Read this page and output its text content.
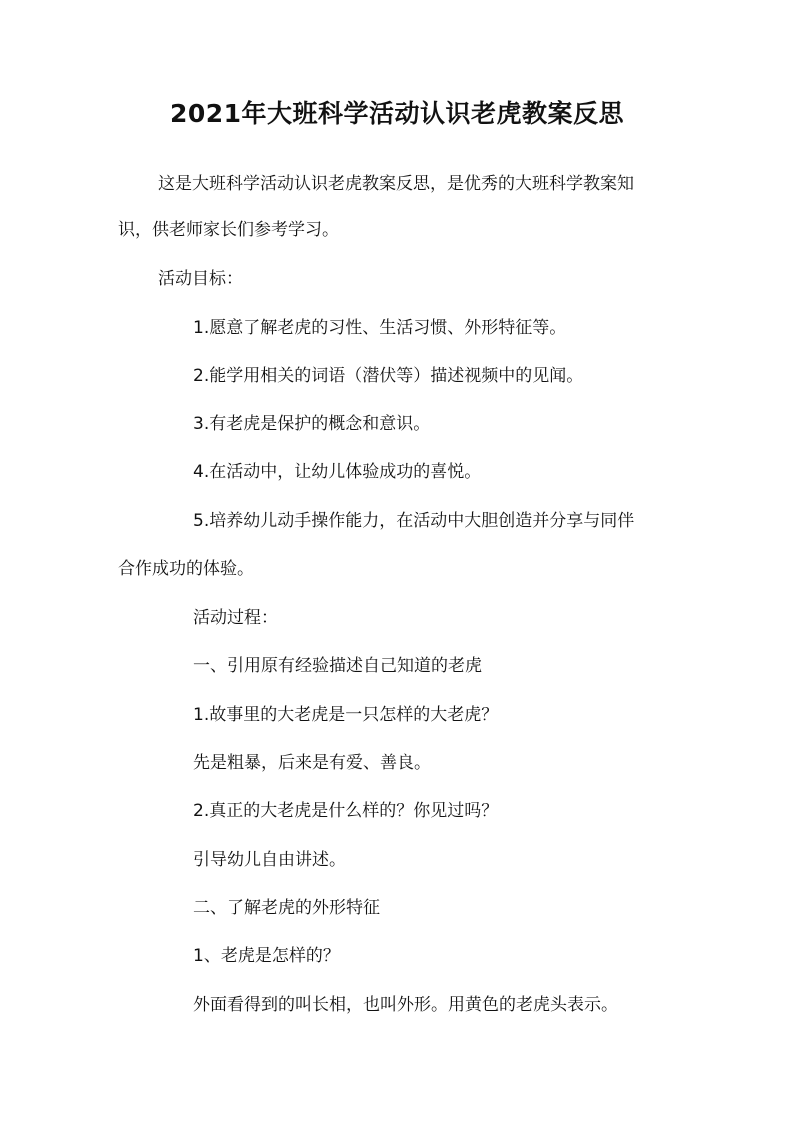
2021年大班科学活动认识老虎教案反思
这是大班科学活动认识老虎教案反思，是优秀的大班科学教案知
识，供老师家长们参考学习。
活动目标：
1.愿意了解老虎的习性、生活习惯、外形特征等。
2.能学用相关的词语（潜伏等）描述视频中的见闻。
3.有老虎是保护的概念和意识。
4.在活动中，让幼儿体验成功的喜悦。
5.培养幼儿动手操作能力，在活动中大胆创造并分享与同伴
合作成功的体验。
活动过程：
一、引用原有经验描述自己知道的老虎
1.故事里的大老虎是一只怎样的大老虎？
先是粗暴，后来是有爱、善良。
2.真正的大老虎是什么样的？你见过吗？
引导幼儿自由讲述。
二、了解老虎的外形特征
1、老虎是怎样的？
外面看得到的叫长相，也叫外形。用黄色的老虎头表示。
